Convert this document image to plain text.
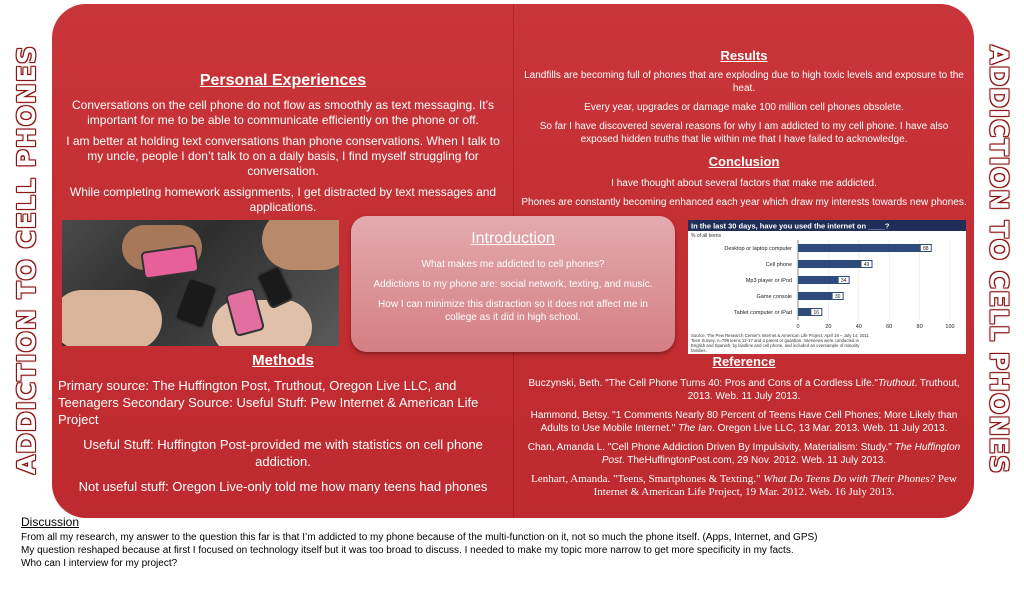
ADDICTION TO CELL PHONES	ADDICTION TO CELL PHONES
Personal Experiences

Conversations on the cell phone do not flow as smoothly as text messaging. It’s important for me to be able to communicate efficiently on the phone or off.

I am better at holding text conversations than phone conservations. When I talk to my uncle, people I don’t talk to on a daily basis, I find myself struggling for conversation.

While completing homework assignments, I get distracted by text messages and applications.

Results

Landfills are becoming full of phones that are exploding due to high toxic levels and exposure to the heat.

Every year, upgrades or damage make 100 million cell phones obsolete.

So far I have discovered several reasons for why I am addicted to my cell phone. I have also exposed hidden truths that lie within me that I have failed to acknowledge.

Conclusion

I have thought about several factors that make me addicted.

Phones are constantly becoming enhanced each year which draw my interests towards new phones.

Introduction

What makes me addicted to cell phones?

Addictions to my phone are: social network, texting, and music.

How I can minimize this distraction so it does not affect me in college as it did in high school.

In the last 30 days, have you used the internet on ____?
% of all teens
0	20	40	60	80	100
Desktop or laptop computer	88
Cell phone	49
Mp3 player or iPod	34
Game console	30
Tablet computer or iPad	16
Source: The Pew Research Center's Internet & American Life Project, April 19 – July 14, 2011 Teen Survey. n=799 teens 12-17 and a parent or guardian. Interviews were conducted in English and Spanish, by landline and cell phone, and included an oversample of minority families.
Methods

Primary source: The Huffington Post, Truthout, Oregon Live LLC, and Teenagers Secondary Source: Useful Stuff: Pew Internet & American Life Project

Useful Stuff: Huffington Post-provided me with statistics on cell phone addiction.

Not useful stuff: Oregon Live-only told me how many teens had phones

Reference

Buczynski, Beth. "The Cell Phone Turns 40: Pros and Cons of a Cordless Life."Truthout. Truthout, 2013. Web. 11 July 2013.

Hammond, Betsy. "1 Comments Nearly 80 Percent of Teens Have Cell Phones; More Likely than Adults to Use Mobile Internet." The Ian. Oregon Live LLC, 13 Mar. 2013. Web. 11 July 2013.

Chan, Amanda L. "Cell Phone Addiction Driven By Impulsivity, Materialism: Study." The Huffington Post. TheHuffingtonPost.com, 29 Nov. 2012. Web. 11 July 2013.

Lenhart, Amanda. "Teens, Smartphones & Texting." What Do Teens Do with Their Phones? Pew Internet & American Life Project, 19 Mar. 2012. Web. 16 July 2013.

Discussion
From all my research, my answer to the question this far is that I’m addicted to my phone because of the multi-function on it, not so much the phone itself. (Apps, Internet, and GPS)
My question reshaped because at first I focused on technology itself but it was too broad to discuss. I needed to make my topic more narrow to get more specificity in my facts.
Who can I interview for my project?
